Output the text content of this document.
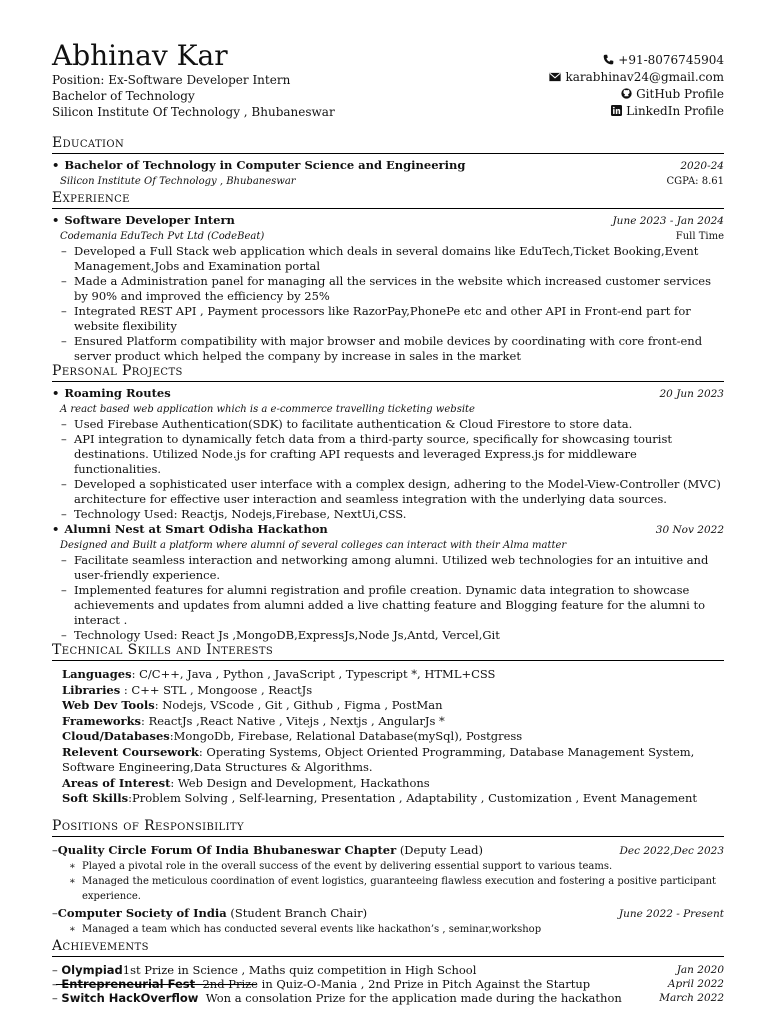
Abhinav Kar
Position: Ex-Software Developer Intern
Bachelor of Technology
Silicon Institute Of Technology , Bhubaneswar
+91-8076745904
karabhinav24@gmail.com
GitHub Profile
LinkedIn Profile
Education
• Bachelor of Technology in Computer Science and Engineering	2020-24
Silicon Institute Of Technology , Bhubaneswar	CGPA: 8.61
Experience
• Software Developer Intern	June 2023 - Jan 2024
Codemania EduTech Pvt Ltd (CodeBeat)	Full Time
– Developed a Full Stack web application which deals in several domains like EduTech,Ticket Booking,Event Management,Jobs and Examination portal
– Made a Administration panel for managing all the services in the website which increased customer services by 90% and improved the efficiency by 25%
– Integrated REST API , Payment processors like RazorPay,PhonePe etc and other API in Front-end part for website flexibility
– Ensured Platform compatibility with major browser and mobile devices by coordinating with core front-end server product which helped the company by increase in sales in the market
Personal Projects
• Roaming Routes	20 Jun 2023
A react based web application which is a e-commerce travelling ticketing website
– Used Firebase Authentication(SDK) to facilitate authentication & Cloud Firestore to store data.
– API integration to dynamically fetch data from a third-party source, specifically for showcasing tourist destinations. Utilized Node.js for crafting API requests and leveraged Express.js for middleware functionalities.
– Developed a sophisticated user interface with a complex design, adhering to the Model-View-Controller (MVC) architecture for effective user interaction and seamless integration with the underlying data sources.
– Technology Used: Reactjs, Nodejs,Firebase, NextUi,CSS.
• Alumni Nest at Smart Odisha Hackathon	30 Nov 2022
Designed and Built a platform where alumni of several colleges can interact with their Alma matter
– Facilitate seamless interaction and networking among alumni. Utilized web technologies for an intuitive and user-friendly experience.
– Implemented features for alumni registration and profile creation. Dynamic data integration to showcase achievements and updates from alumni added a live chatting feature and Blogging feature for the alumni to interact .
– Technology Used: React Js ,MongoDB,ExpressJs,Node Js,Antd, Vercel,Git
Technical Skills and Interests
Languages: C/C++, Java , Python , JavaScript , Typescript *, HTML+CSS
Libraries : C++ STL , Mongoose , ReactJs
Web Dev Tools: Nodejs, VScode , Git , Github , Figma , PostMan
Frameworks: ReactJs ,React Native , Vitejs , Nextjs , AngularJs *
Cloud/Databases:MongoDb, Firebase, Relational Database(mySql), Postgress
Relevent Coursework: Operating Systems, Object Oriented Programming, Database Management System, Software Engineering,Data Structures & Algorithms.
Areas of Interest: Web Design and Development, Hackathons
Soft Skills:Problem Solving , Self-learning, Presentation , Adaptability , Customization , Event Management
Positions of Responsibility
–Quality Circle Forum Of India Bhubaneswar Chapter (Deputy Lead)	Dec 2022,Dec 2023
∗ Played a pivotal role in the overall success of the event by delivering essential support to various teams.
∗ Managed the meticulous coordination of event logistics, guaranteeing flawless execution and fostering a positive participant experience.
–Computer Society of India (Student Branch Chair)	June 2022 - Present
∗ Managed a team which has conducted several events like hackathon’s , seminar,workshop
Achievements
– Olympiad1st Prize in Science , Maths quiz competition in High School	Jan 2020
– Entrepreneurial Fest 2nd Prize in Quiz-O-Mania , 2nd Prize in Pitch Against the Startup	April 2022
– Switch HackOverflow Won a consolation Prize for the application made during the hackathon	March 2022
